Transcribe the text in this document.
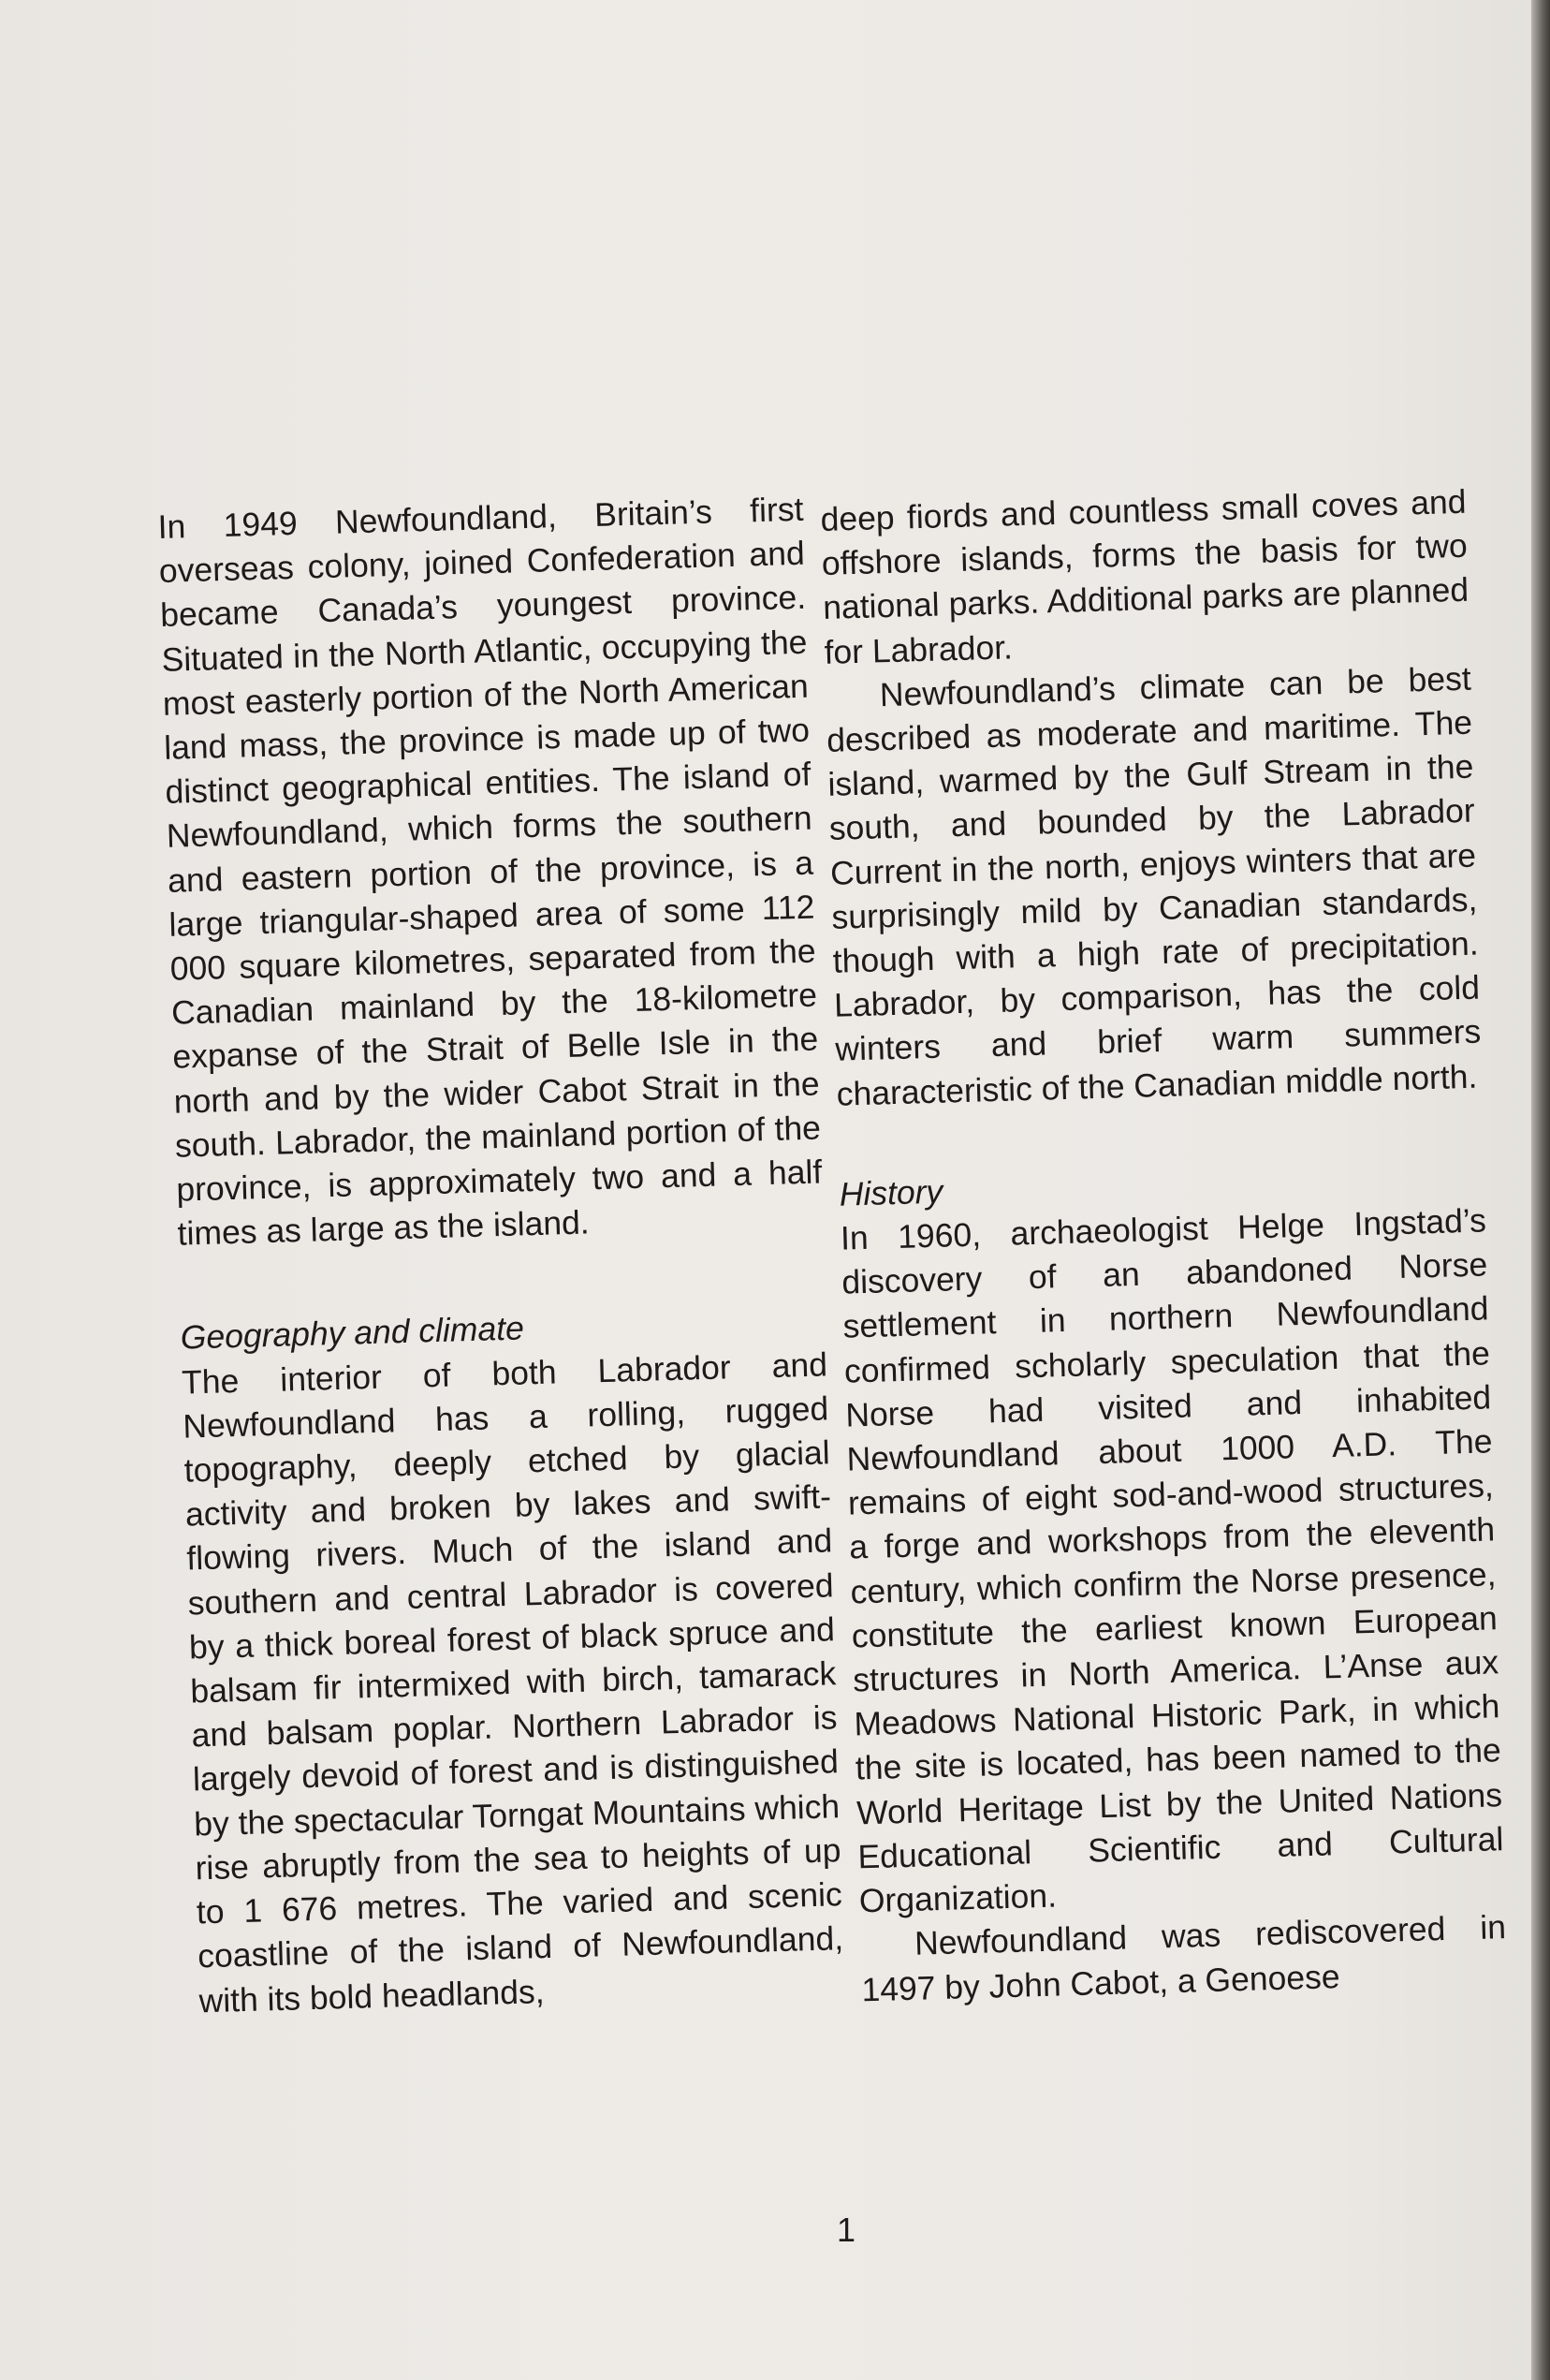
In 1949 Newfoundland, Britain’s first overseas colony, joined Confederation and became Canada’s youngest province. Situated in the North Atlantic, occupying the most easterly portion of the North American land mass, the province is made up of two distinct geographical entities. The island of Newfoundland, which forms the southern and eastern portion of the province, is a large triangular-shaped area of some 112 000 square kilometres, separated from the Canadian mainland by the 18-kilometre expanse of the Strait of Belle Isle in the north and by the wider Cabot Strait in the south. Labrador, the mainland portion of the province, is approximately two and a half times as large as the island.

Geography and climate

The interior of both Labrador and Newfoundland has a rolling, rugged topography, deeply etched by glacial activity and broken by lakes and swift-flowing rivers. Much of the island and southern and central Labrador is covered by a thick boreal forest of black spruce and balsam fir intermixed with birch, tamarack and balsam poplar. Northern Labrador is largely devoid of forest and is distinguished by the spectacular Torngat Mountains which rise abruptly from the sea to heights of up to 1 676 metres. The varied and scenic coastline of the island of Newfoundland, with its bold headlands,

deep fiords and countless small coves and offshore islands, forms the basis for two national parks. Additional parks are planned for Labrador.

Newfoundland’s climate can be best described as moderate and maritime. The island, warmed by the Gulf Stream in the south, and bounded by the Labrador Current in the north, enjoys winters that are surprisingly mild by Canadian standards, though with a high rate of precipitation. Labrador, by comparison, has the cold winters and brief warm summers characteristic of the Canadian middle north.

History

In 1960, archaeologist Helge Ingstad’s discovery of an abandoned Norse settlement in northern Newfoundland confirmed scholarly speculation that the Norse had visited and inhabited Newfoundland about 1000 A.D. The remains of eight sod-and-wood structures, a forge and workshops from the eleventh century, which confirm the Norse presence, constitute the earliest known European structures in North America. L’Anse aux Meadows National Historic Park, in which the site is located, has been named to the World Heritage List by the United Nations Educational Scientific and Cultural Organization.

Newfoundland was rediscovered in 1497 by John Cabot, a Genoese

1
